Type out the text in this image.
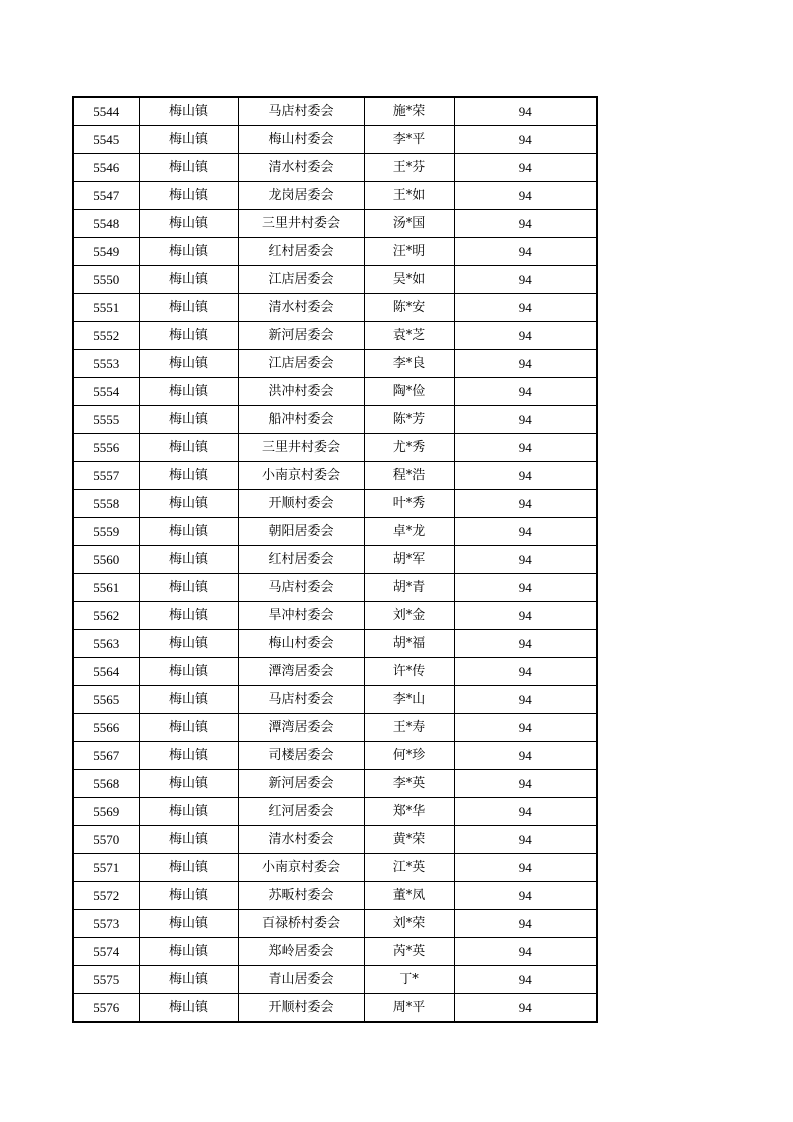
5544	梅山镇	马店村委会	施*荣	94
5545	梅山镇	梅山村委会	李*平	94
5546	梅山镇	清水村委会	王*芬	94
5547	梅山镇	龙岗居委会	王*如	94
5548	梅山镇	三里井村委会	汤*国	94
5549	梅山镇	红村居委会	汪*明	94
5550	梅山镇	江店居委会	吴*如	94
5551	梅山镇	清水村委会	陈*安	94
5552	梅山镇	新河居委会	袁*芝	94
5553	梅山镇	江店居委会	李*良	94
5554	梅山镇	洪冲村委会	陶*俭	94
5555	梅山镇	船冲村委会	陈*芳	94
5556	梅山镇	三里井村委会	尤*秀	94
5557	梅山镇	小南京村委会	程*浩	94
5558	梅山镇	开顺村委会	叶*秀	94
5559	梅山镇	朝阳居委会	卓*龙	94
5560	梅山镇	红村居委会	胡*军	94
5561	梅山镇	马店村委会	胡*青	94
5562	梅山镇	旱冲村委会	刘*金	94
5563	梅山镇	梅山村委会	胡*福	94
5564	梅山镇	潭湾居委会	许*传	94
5565	梅山镇	马店村委会	李*山	94
5566	梅山镇	潭湾居委会	王*寿	94
5567	梅山镇	司楼居委会	何*珍	94
5568	梅山镇	新河居委会	李*英	94
5569	梅山镇	红河居委会	郑*华	94
5570	梅山镇	清水村委会	黄*荣	94
5571	梅山镇	小南京村委会	江*英	94
5572	梅山镇	苏畈村委会	董*凤	94
5573	梅山镇	百禄桥村委会	刘*荣	94
5574	梅山镇	郑岭居委会	芮*英	94
5575	梅山镇	青山居委会	丁*	94
5576	梅山镇	开顺村委会	周*平	94
